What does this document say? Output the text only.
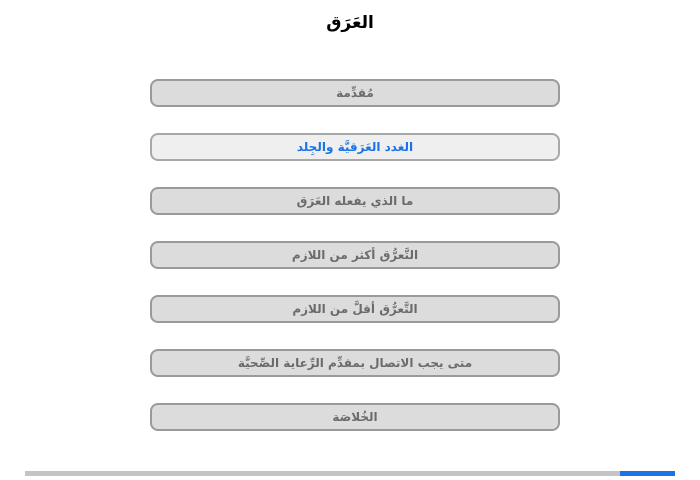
العَرَق
مُقدِّمة
الغدد العَرَقيَّة والجِلد
ما الذي يفعله العَرَق
التَّعرُّق أكثر من اللازم
التَّعرُّق أقلَّ من اللازم
متى يجب الاتصال بمقدِّم الرِّعاية الصِّحيَّة
الخُلاصَة
